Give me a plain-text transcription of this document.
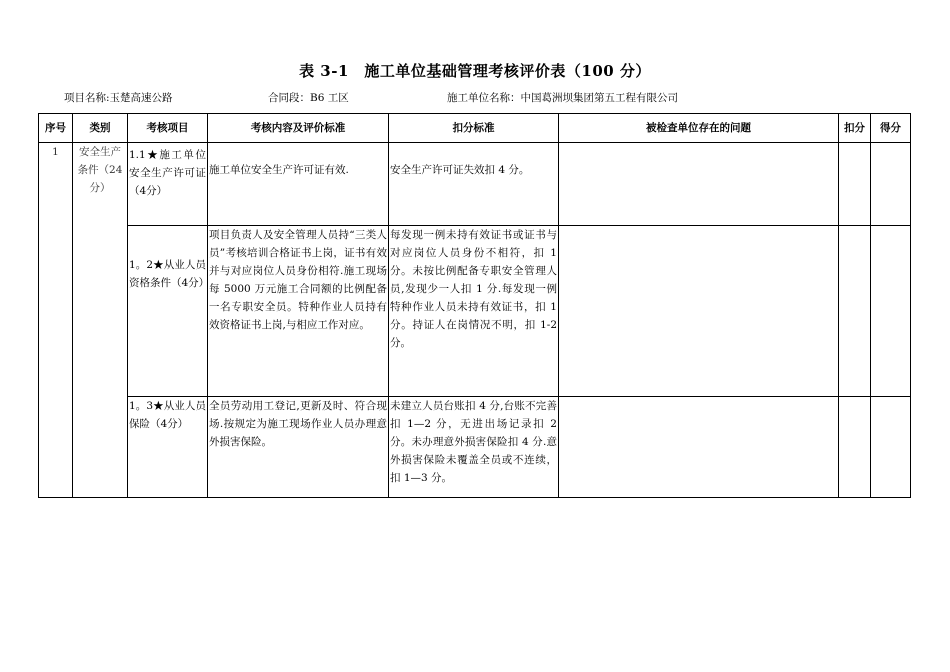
表 3-1　施工单位基础管理考核评价表（100 分）
项目名称:玉楚高速公路	合同段：B6 工区	施工单位名称：中国葛洲坝集团第五工程有限公司
序号	类别	考核项目	考核内容及评价标准	扣分标准	被检查单位存在的问题	扣分	得分
1	安全生产条件（24 分）	1.1★施工单位安全生产许可证（4分）	施工单位安全生产许可证有效.	安全生产许可证失效扣 4 分。			
		1。2★从业人员资格条件（4分）	项目负责人及安全管理人员持“三类人员”考核培训合格证书上岗，证书有效并与对应岗位人员身份相符.施工现场每 5000 万元施工合同额的比例配备一名专职安全员。特种作业人员持有效资格证书上岗,与相应工作对应。	每发现一例未持有效证书或证书与对应岗位人员身份不相符，扣 1 分。未按比例配备专职安全管理人员,发现少一人扣 1 分.每发现一例特种作业人员未持有效证书，扣 1 分。持证人在岗情况不明，扣 1-2 分。			
		1。3★从业人员保险（4分）	全员劳动用工登记,更新及时、符合现场.按规定为施工现场作业人员办理意外损害保险。	未建立人员台账扣 4 分,台账不完善扣 1—2 分，无进出场记录扣 2 分。未办理意外损害保险扣 4 分.意外损害保险未覆盖全员或不连续，扣 1—3 分。			
